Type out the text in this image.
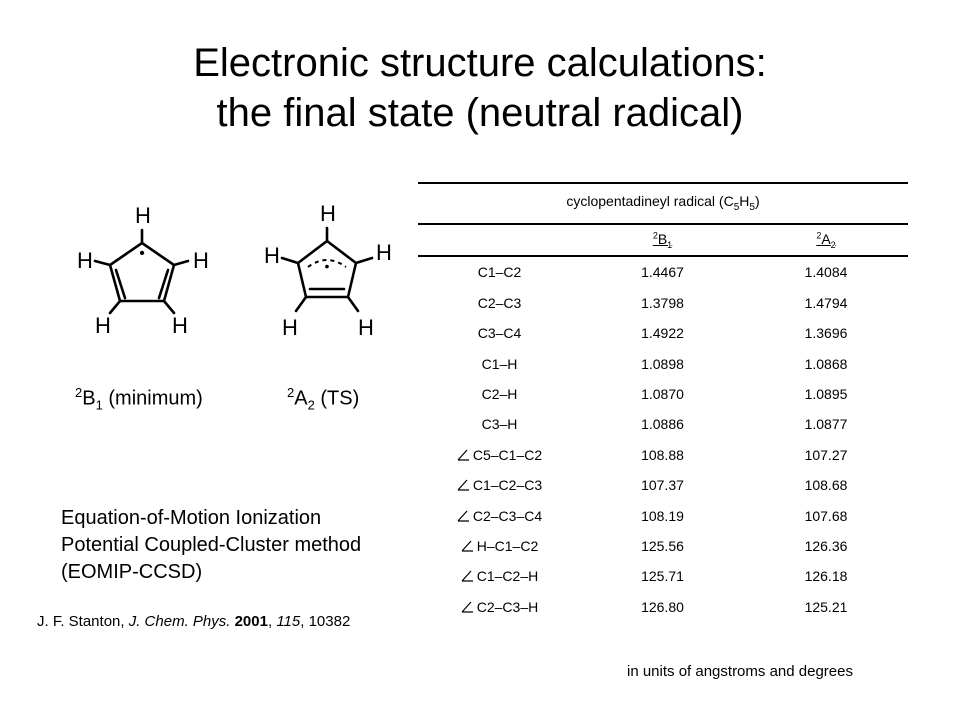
Electronic structure calculations:
the final state (neutral radical)
•
H
H	H
H	H
•
H
H	H
H	H
$^2B_1$ (minimum)	$^2A_2$ (TS)
Equation-of-Motion Ionization
Potential Coupled-Cluster method
(EOMIP-CCSD)
J. F. Stanton, J. Chem. Phys. 2001, 115, 10382
cyclopentadineyl radical $(C_5H_5)$
	$^2B_1$	$^2A_2$
C1–C2	1.4467	1.4084
C2–C3	1.3798	1.4794
C3–C4	1.4922	1.3696
C1–H	1.0898	1.0868
C2–H	1.0870	1.0895
C3–H	1.0886	1.0877
C5–C1–C2	108.88	107.27
C1–C2–C3	107.37	108.68
C2–C3–C4	108.19	107.68
H–C1–C2	125.56	126.36
C1–C2–H	125.71	126.18
C2–C3–H	126.80	125.21
in units of angstroms and degrees
